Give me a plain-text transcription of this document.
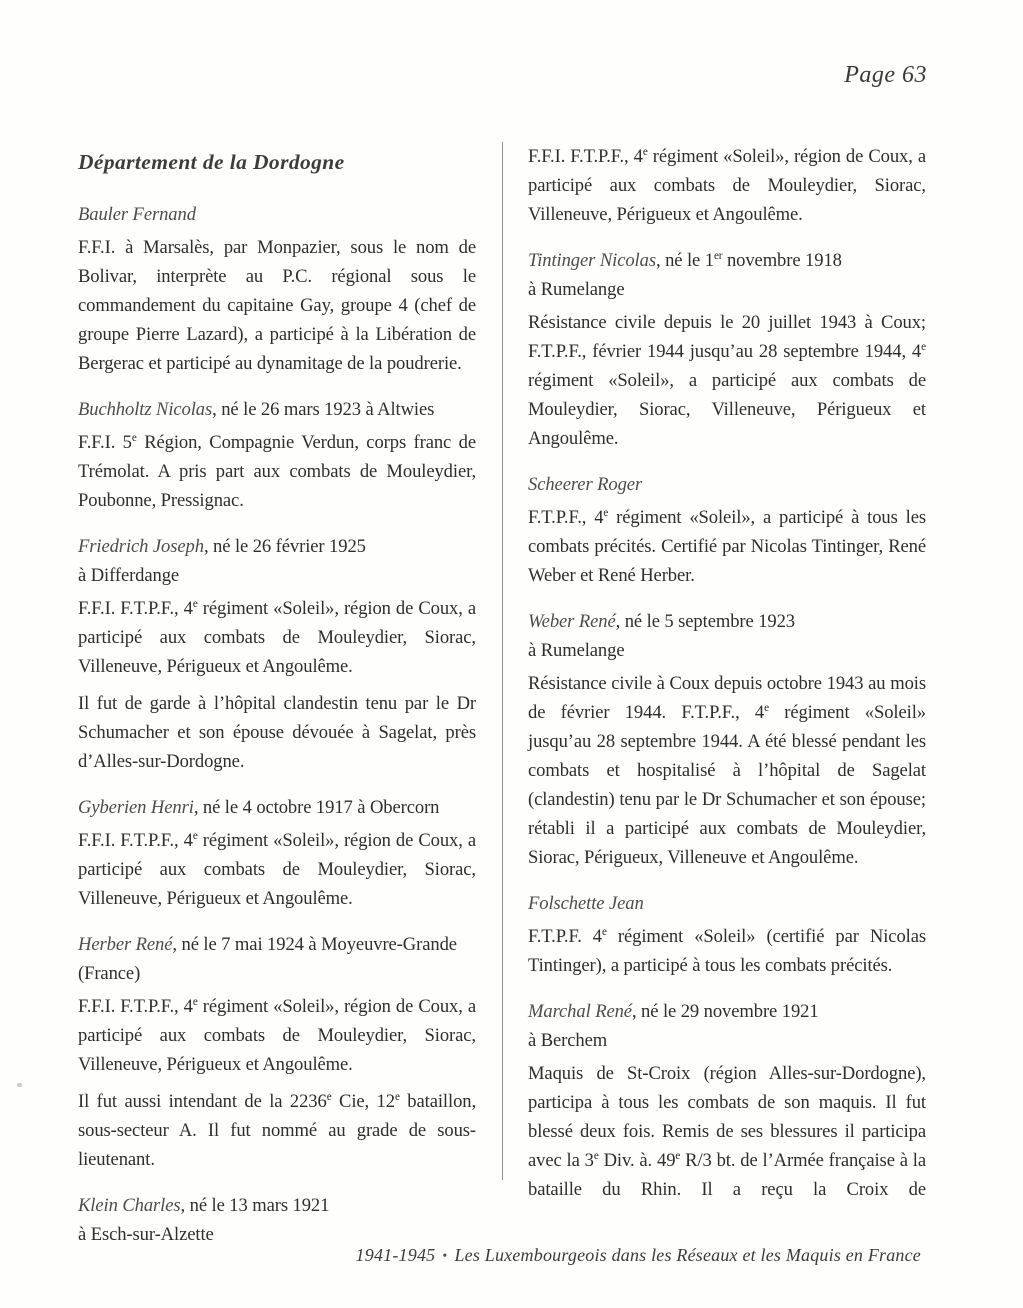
Page 63
Département de la Dordogne

Bauler Fernand

F.F.I. à Marsalès, par Monpazier, sous le nom de Bolivar, interprète au P.C. régional sous le commandement du capitaine Gay, groupe 4 (chef de groupe Pierre Lazard), a participé à la Libération de Bergerac et participé au dynamitage de la poudrerie.

Buchholtz Nicolas, né le 26 mars 1923 à Altwies

F.F.I. 5e Région, Compagnie Verdun, corps franc de Trémolat. A pris part aux combats de Mouleydier, Poubonne, Pressignac.

Friedrich Joseph, né le 26 février 1925

à Differdange

F.F.I. F.T.P.F., 4e régiment «Soleil», région de Coux, a participé aux combats de Mouleydier, Siorac, Villeneuve, Périgueux et Angoulême.

Il fut de garde à l’hôpital clandestin tenu par le Dr Schumacher et son épouse dévouée à Sagelat, près d’Alles-sur-Dordogne.

Gyberien Henri, né le 4 octobre 1917 à Obercorn

F.F.I. F.T.P.F., 4e régiment «Soleil», région de Coux, a participé aux combats de Mouleydier, Siorac, Villeneuve, Périgueux et Angoulême.

Herber René, né le 7 mai 1924 à Moyeuvre-Grande

(France)

F.F.I. F.T.P.F., 4e régiment «Soleil», région de Coux, a participé aux combats de Mouleydier, Siorac, Villeneuve, Périgueux et Angoulême.

Il fut aussi intendant de la 2236e Cie, 12e bataillon, sous-secteur A. Il fut nommé au grade de sous-lieutenant.

Klein Charles, né le 13 mars 1921

à Esch-sur-Alzette

F.F.I. F.T.P.F., 4e régiment «Soleil», région de Coux, a participé aux combats de Mouleydier, Siorac, Villeneuve, Périgueux et Angoulême.

Tintinger Nicolas, né le 1er novembre 1918

à Rumelange

Résistance civile depuis le 20 juillet 1943 à Coux; F.T.P.F., février 1944 jusqu’au 28 septembre 1944, 4e régiment «Soleil», a participé aux combats de Mouleydier, Siorac, Villeneuve, Périgueux et Angoulême.

Scheerer Roger

F.T.P.F., 4e régiment «Soleil», a participé à tous les combats précités. Certifié par Nicolas Tintinger, René Weber et René Herber.

Weber René, né le 5 septembre 1923

à Rumelange

Résistance civile à Coux depuis octobre 1943 au mois de février 1944. F.T.P.F., 4e régiment «Soleil» jusqu’au 28 septembre 1944. A été blessé pendant les combats et hospitalisé à l’hôpital de Sagelat (clandestin) tenu par le Dr Schumacher et son épouse; rétabli il a participé aux combats de Mouleydier, Siorac, Périgueux, Villeneuve et Angoulême.

Folschette Jean

F.T.P.F. 4e régiment «Soleil» (certifié par Nicolas Tintinger), a participé à tous les combats précités.

Marchal René, né le 29 novembre 1921

à Berchem

Maquis de St-Croix (région Alles-sur-Dordogne), participa à tous les combats de son maquis. Il fut blessé deux fois. Remis de ses blessures il participa avec la 3e Div. à. 49e R/3 bt. de l’Armée française à la bataille du Rhin. Il a reçu la Croix de

1941-1945 • Les Luxembourgeois dans les Réseaux et les Maquis en France
